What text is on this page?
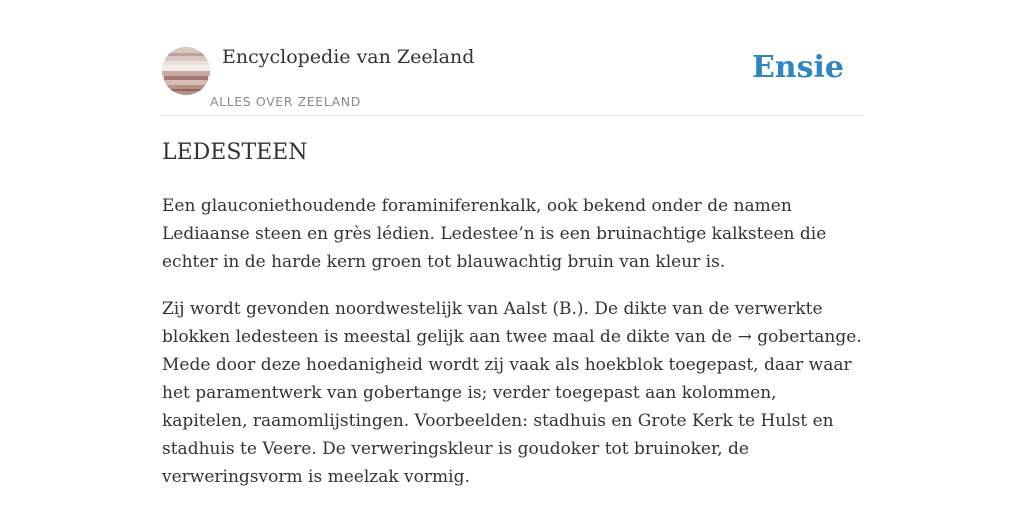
Encyclopedie van Zeeland
ALLES OVER ZEELAND
Ensie
LEDESTEEN

Een glauconiethoudende foraminiferenkalk, ook bekend onder de namen Lediaanse steen en grès lédien. Ledestee’n is een bruinachtige kalksteen die echter in de harde kern groen tot blauwachtig bruin van kleur is.

Zij wordt gevonden noordwestelijk van Aalst (B.). De dikte van de verwerkte blokken ledesteen is meestal gelijk aan twee maal de dikte van de → gobertange. Mede door deze hoedanigheid wordt zij vaak als hoekblok toegepast, daar waar het paramentwerk van gobertange is; verder toegepast aan kolommen, kapitelen, raamomlijstingen. Voorbeelden: stadhuis en Grote Kerk te Hulst en stadhuis te Veere. De verweringskleur is goudoker tot bruinoker, de verweringsvorm is meelzak vormig.
